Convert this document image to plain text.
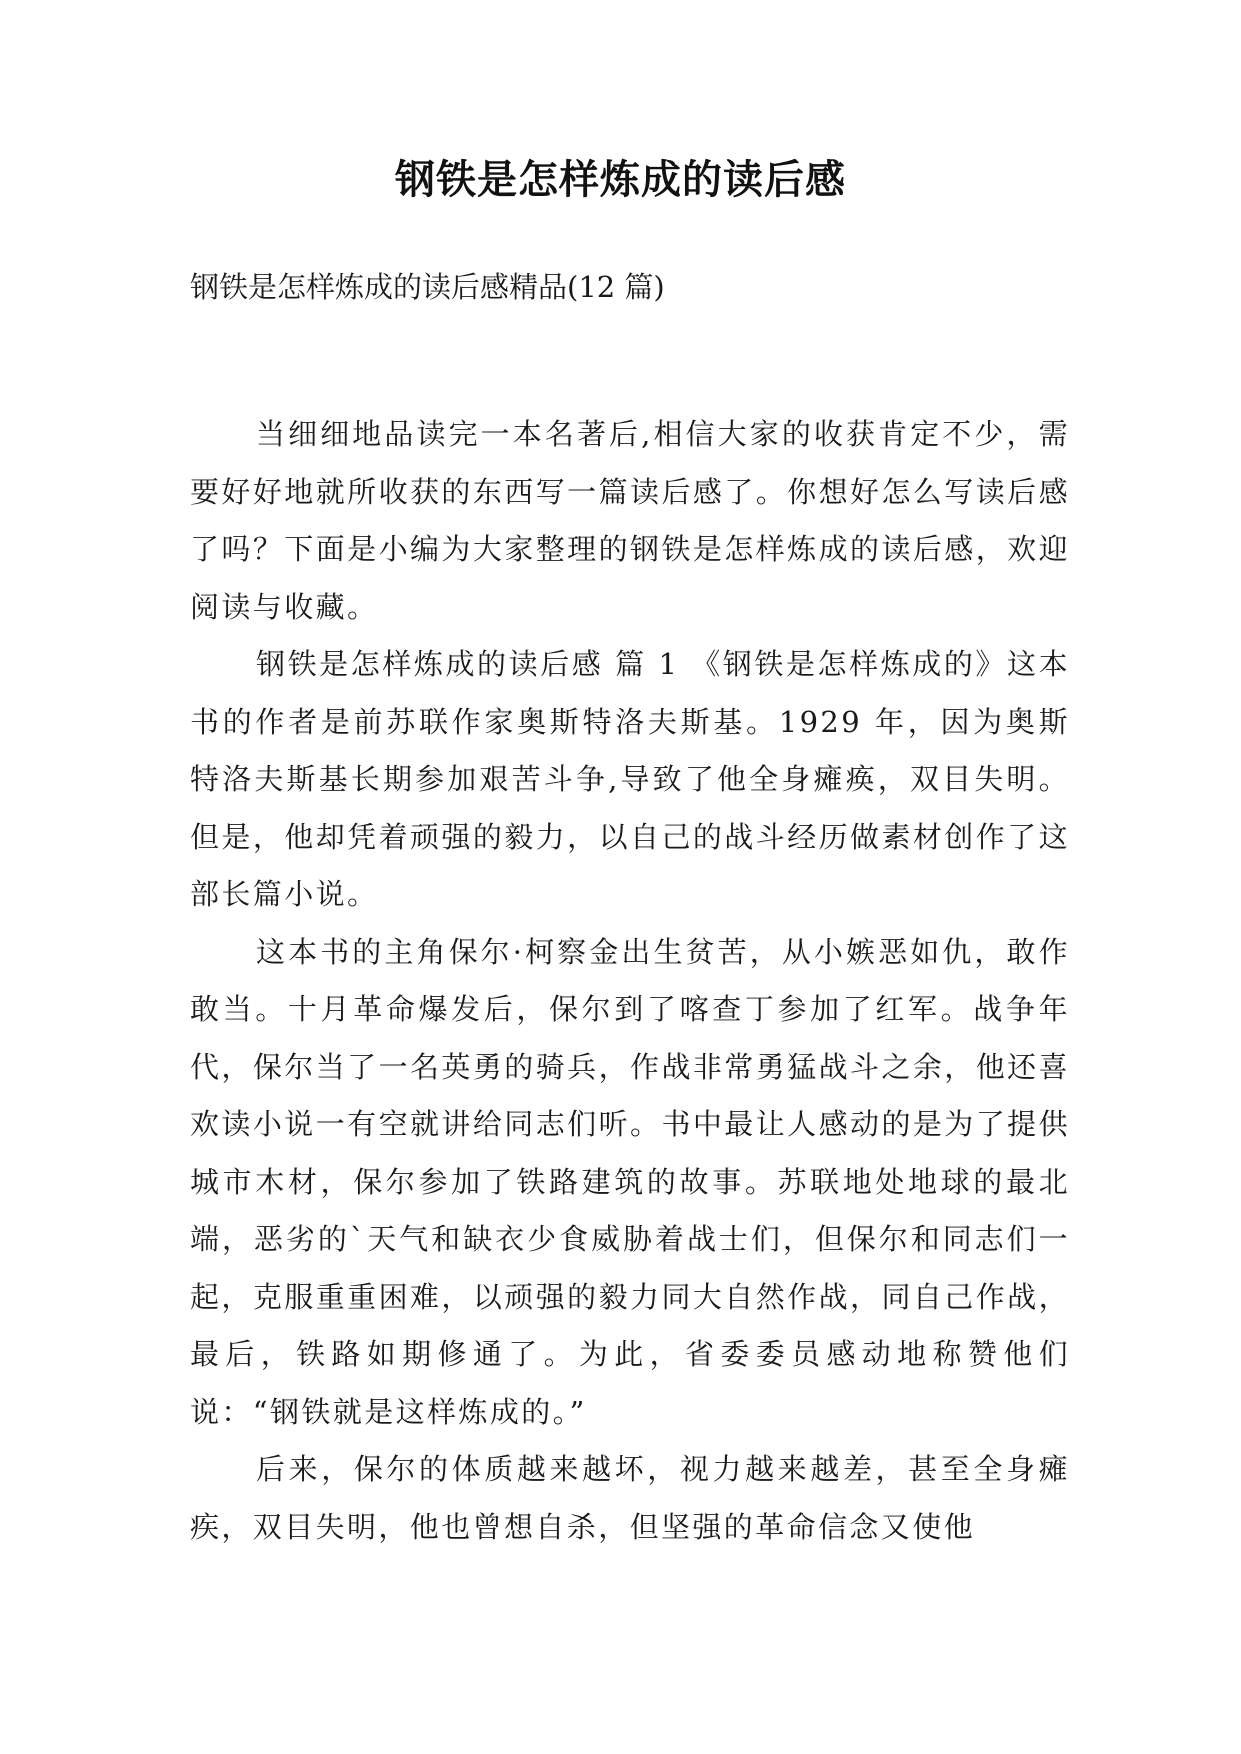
钢铁是怎样炼成的读后感
钢铁是怎样炼成的读后感精品(12 篇)

当细细地品读完一本名著后,相信大家的收获肯定不少，需要好好地就所收获的东西写一篇读后感了。你想好怎么写读后感了吗？下面是小编为大家整理的钢铁是怎样炼成的读后感，欢迎阅读与收藏。

钢铁是怎样炼成的读后感 篇 1 《钢铁是怎样炼成的》这本书的作者是前苏联作家奥斯特洛夫斯基。1929 年，因为奥斯特洛夫斯基长期参加艰苦斗争,导致了他全身瘫痪，双目失明。但是，他却凭着顽强的毅力，以自己的战斗经历做素材创作了这部长篇小说。

这本书的主角保尔·柯察金出生贫苦，从小嫉恶如仇，敢作敢当。十月革命爆发后，保尔到了喀查丁参加了红军。战争年代，保尔当了一名英勇的骑兵，作战非常勇猛战斗之余，他还喜欢读小说一有空就讲给同志们听。书中最让人感动的是为了提供城市木材，保尔参加了铁路建筑的故事。苏联地处地球的最北端，恶劣的`天气和缺衣少食威胁着战士们，但保尔和同志们一起，克服重重困难，以顽强的毅力同大自然作战，同自己作战，最后，铁路如期修通了。为此，省委委员感动地称赞他们说：“钢铁就是这样炼成的。”

后来，保尔的体质越来越坏，视力越来越差，甚至全身瘫疾，双目失明，他也曾想自杀，但坚强的革命信念又使他
